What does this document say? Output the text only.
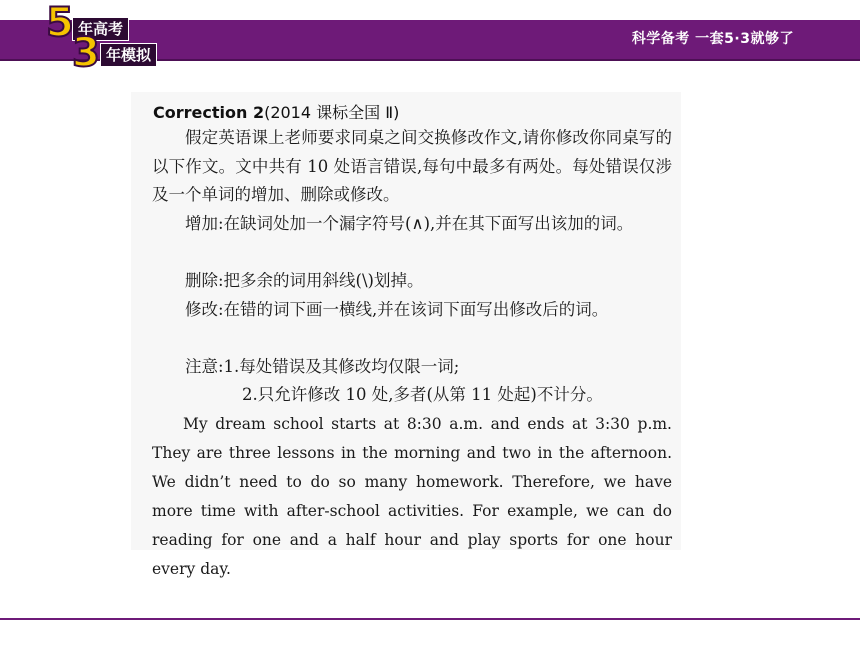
年高考
年模拟
5
3	科学备考 一套5·3就够了
Correction 2(2014 课标全国 Ⅱ)

假定英语课上老师要求同桌之间交换修改作文,请你修改你同桌写的以下作文。文中共有 10 处语言错误,每句中最多有两处。每处错误仅涉及一个单词的增加、删除或修改。

增加:在缺词处加一个漏字符号(∧),并在其下面写出该加的词。

删除:把多余的词用斜线(\)划掉。

修改:在错的词下画一横线,并在该词下面写出修改后的词。

注意:1.每处错误及其修改均仅限一词;

2.只允许修改 10 处,多者(从第 11 处起)不计分。

My dream school starts at 8:30 a.m. and ends at 3:30 p.m. They are three lessons in the morning and two in the afternoon. We didn’t need to do so many homework. Therefore, we have more time with after-school activities. For example, we can do reading for one and a half hour and play sports for one hour every day.
